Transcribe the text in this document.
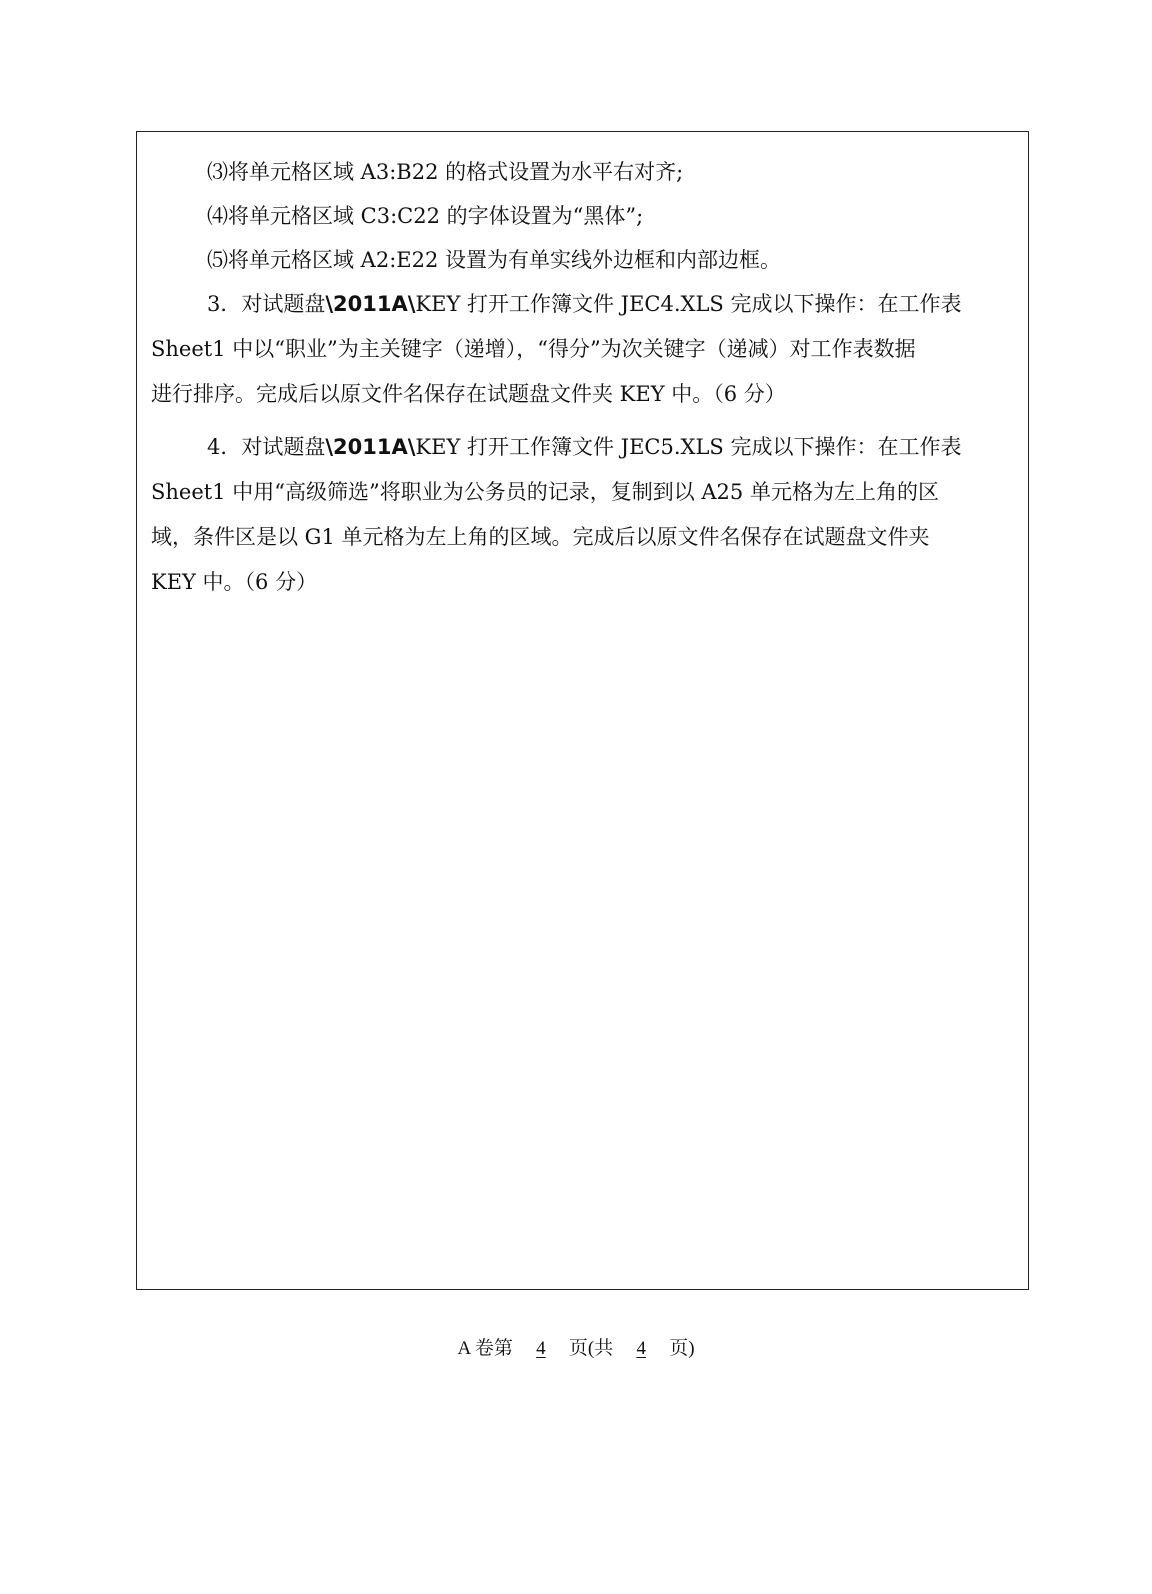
⑶将单元格区域 A3:B22 的格式设置为水平右对齐;
⑷将单元格区域 C3:C22 的字体设置为“黑体”;
⑸将单元格区域 A2:E22 设置为有单实线外边框和内部边框。
3．对试题盘\2011A\KEY 打开工作簿文件 JEC4.XLS 完成以下操作：在工作表
Sheet1 中以“职业”为主关键字（递增），“得分”为次关键字（递减）对工作表数据
进行排序。完成后以原文件名保存在试题盘文件夹 KEY 中。（6 分）
4．对试题盘\2011A\KEY 打开工作簿文件 JEC5.XLS 完成以下操作：在工作表
Sheet1 中用“高级筛选”将职业为公务员的记录，复制到以 A25 单元格为左上角的区
域，条件区是以 G1 单元格为左上角的区域。完成后以原文件名保存在试题盘文件夹
KEY 中。（6 分）
A 卷第 4 页(共 4 页)
